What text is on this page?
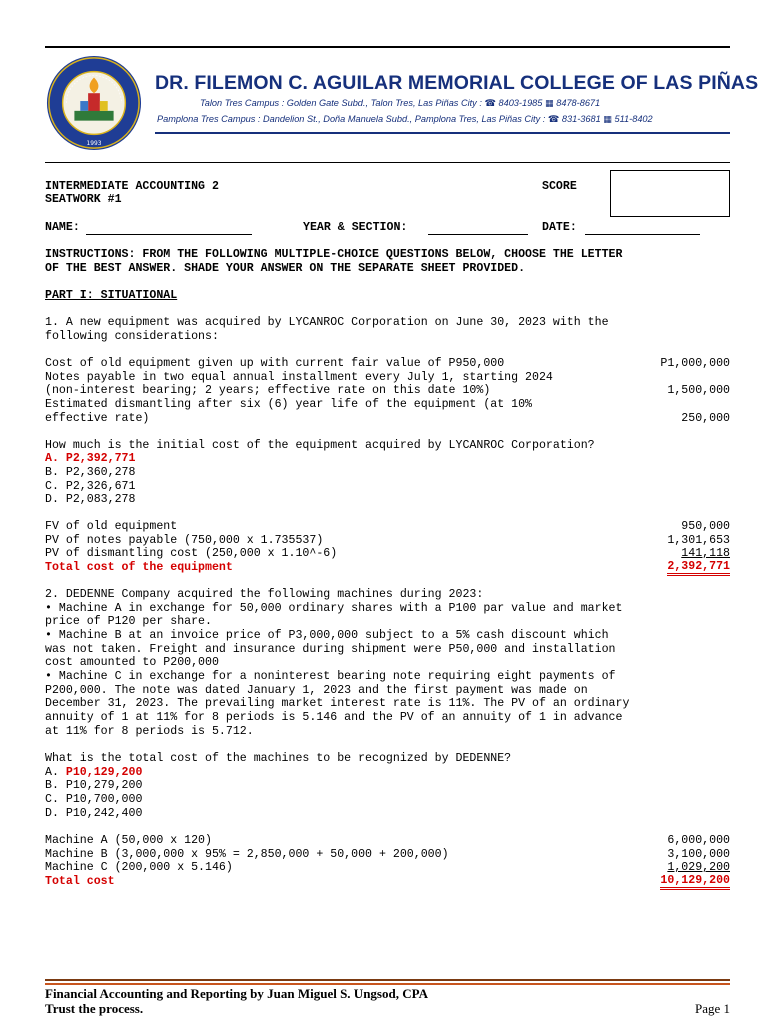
1993
DR. FILEMON C. AGUILAR MEMORIAL COLLEGE OF LAS PIÑAS
Talon Tres Campus : Golden Gate Subd., Talon Tres, Las Piñas City : ☎ 8403-1985 ▦ 8478-8671
Pamplona Tres Campus : Dandelion St., Doña Manuela Subd., Pamplona Tres, Las Piñas City : ☎ 831-3681 ▦ 511-8402
INTERMEDIATE ACCOUNTING 2
SEATWORK #1
SCORE
NAME:	YEAR & SECTION:	DATE:
INSTRUCTIONS: FROM THE FOLLOWING MULTIPLE-CHOICE QUESTIONS BELOW, CHOOSE THE LETTER
OF THE BEST ANSWER. SHADE YOUR ANSWER ON THE SEPARATE SHEET PROVIDED.
PART I: SITUATIONAL
1. A new equipment was acquired by LYCANROC Corporation on June 30, 2023 with the
following considerations:
Cost of old equipment given up with current fair value of P950,000	P1,000,000
Notes payable in two equal annual installment every July 1, starting 2024
(non-interest bearing; 2 years; effective rate on this date 10%)	1,500,000
Estimated dismantling after six (6) year life of the equipment (at 10%
effective rate)	250,000
How much is the initial cost of the equipment acquired by LYCANROC Corporation?
A. P2,392,771
B. P2,360,278
C. P2,326,671
D. P2,083,278
FV of old equipment	950,000
PV of notes payable (750,000 x 1.735537)	1,301,653
PV of dismantling cost (250,000 x 1.10^-6)	141,118
Total cost of the equipment	2,392,771
2. DEDENNE Company acquired the following machines during 2023:
• Machine A in exchange for 50,000 ordinary shares with a P100 par value and market
price of P120 per share.
• Machine B at an invoice price of P3,000,000 subject to a 5% cash discount which
was not taken. Freight and insurance during shipment were P50,000 and installation
cost amounted to P200,000
• Machine C in exchange for a noninterest bearing note requiring eight payments of
P200,000. The note was dated January 1, 2023 and the first payment was made on
December 31, 2023. The prevailing market interest rate is 11%. The PV of an ordinary
annuity of 1 at 11% for 8 periods is 5.146 and the PV of an annuity of 1 in advance
at 11% for 8 periods is 5.712.
What is the total cost of the machines to be recognized by DEDENNE?
A. P10,129,200
B. P10,279,200
C. P10,700,000
D. P10,242,400
Machine A (50,000 x 120)	6,000,000
Machine B (3,000,000 x 95% = 2,850,000 + 50,000 + 200,000)	3,100,000
Machine C (200,000 x 5.146)	1,029,200
Total cost	10,129,200
Financial Accounting and Reporting by Juan Miguel S. Ungsod, CPA
Trust the process.	Page 1
